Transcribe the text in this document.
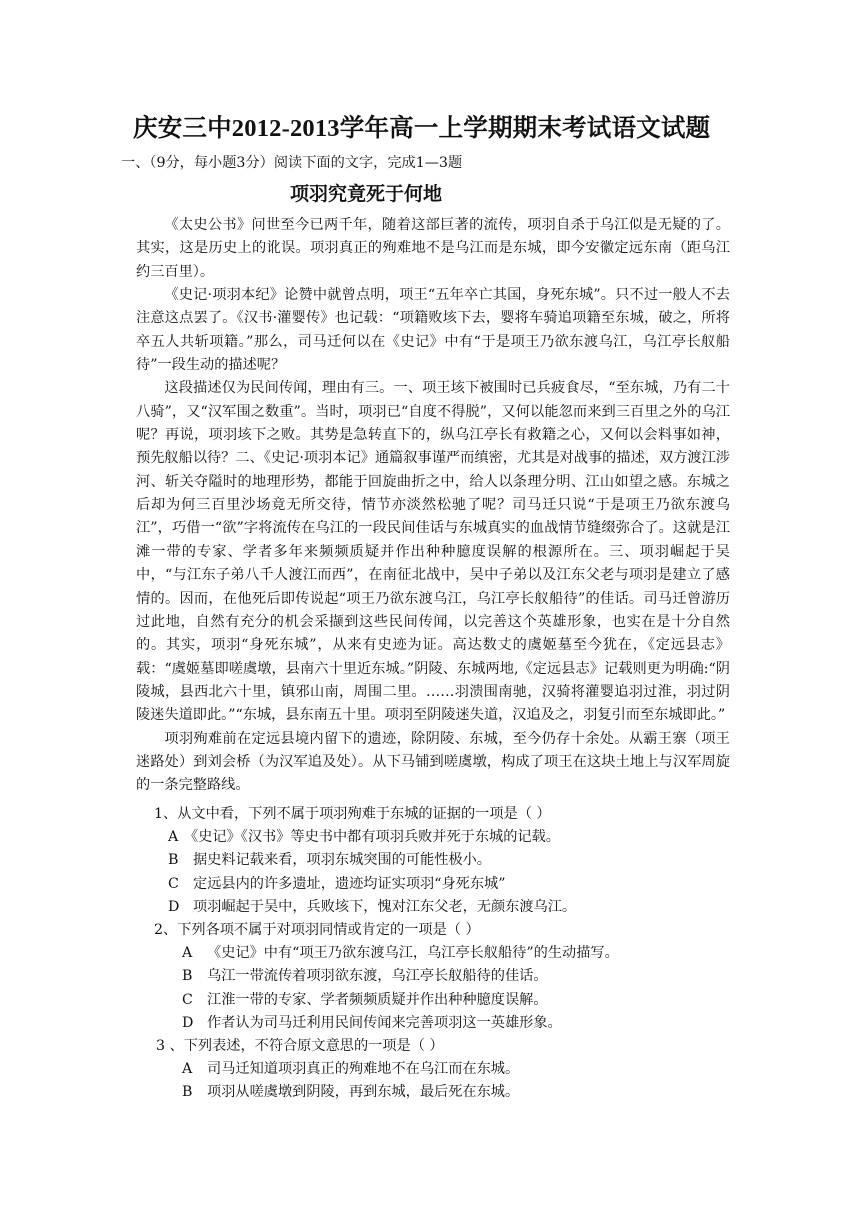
庆安三中2012-2013学年高一上学期期末考试语文试题
一、（9分，每小题3分）阅读下面的文字，完成1—3题
项羽究竟死于何地

《太史公书》问世至今已两千年，随着这部巨著的流传，项羽自杀于乌江似是无疑的了。其实，这是历史上的讹误。项羽真正的殉难地不是乌江而是东城，即今安徽定远东南（距乌江约三百里）。

《史记·项羽本纪》论赞中就曾点明，项王“五年卒亡其国，身死东城”。只不过一般人不去注意这点罢了。《汉书·灌婴传》也记载：“项籍败垓下去，婴将车骑追项籍至东城，破之，所将卒五人共斩项籍。”那么，司马迁何以在《史记》中有“于是项王乃欲东渡乌江，乌江亭长舣船待”一段生动的描述呢？

这段描述仅为民间传闻，理由有三。一、项王垓下被围时已兵疲食尽，“至东城，乃有二十八骑”，又“汉军围之数重”。当时，项羽已“自度不得脱”，又何以能忽而来到三百里之外的乌江呢？再说，项羽垓下之败。其势是急转直下的，纵乌江亭长有救籍之心，又何以会料事如神，预先舣船以待？二、《史记·项羽本记》通篇叙事谨严而缜密，尤其是对战事的描述，双方渡江涉河、斩关夺隘时的地理形势，都能于回旋曲折之中，给人以条理分明、江山如望之感。东城之后却为何三百里沙场竟无所交待，情节亦淡然松驰了呢？司马迁只说“于是项王乃欲东渡乌江”，巧借一“欲”字将流传在乌江的一段民间佳话与东城真实的血战情节缝缀弥合了。这就是江滩一带的专家、学者多年来频频质疑并作出种种臆度误解的根源所在。三、项羽崛起于吴中，“与江东子弟八千人渡江而西”，在南征北战中，吴中子弟以及江东父老与项羽是建立了感情的。因而，在他死后即传说起“项王乃欲东渡乌江，乌江亭长舣船待”的佳话。司马迁曾游历过此地，自然有充分的机会采撷到这些民间传闻，以完善这个英雄形象，也实在是十分自然的。其实，项羽“身死东城”，从来有史迹为证。高达数丈的虞姬墓至今犹在，《定远县志》载：“虞姬墓即嗟虞墩，县南六十里近东城。”阴陵、东城两地,《定远县志》记载则更为明确:“阴陵城，县西北六十里，镇邪山南，周围二里。……羽溃围南驰，汉骑将灌婴追羽过淮，羽过阴陵迷失道即此。”“东城，县东南五十里。项羽至阴陵迷失道，汉追及之，羽复引而至东城即此。”

项羽殉难前在定远县境内留下的遗迹，除阴陵、东城，至今仍存十余处。从霸王寨（项王迷路处）到刘会桥（为汉军追及处）。从下马铺到嗟虞墩，构成了项王在这块土地上与汉军周旋的一条完整路线。

1、从文中看，下列不属于项羽殉难于东城的证据的一项是（ ）
A 《史记》《汉书》等史书中都有项羽兵败并死于东城的记载。
B 据史料记载来看，项羽东城突围的可能性极小。
C 定远县内的许多遗址，遗迹均证实项羽“身死东城”
D 项羽崛起于吴中，兵败垓下，愧对江东父老，无颜东渡乌江。
2、下列各项不属于对项羽同情或肯定的一项是（ ）
A 《史记》中有“项王乃欲东渡乌江，乌江亭长舣船待”的生动描写。
B 乌江一带流传着项羽欲东渡，乌江亭长舣船待的佳话。
C 江淮一带的专家、学者频频质疑并作出种种臆度误解。
D 作者认为司马迁利用民间传闻来完善项羽这一英雄形象。
3 、下列表述，不符合原文意思的一项是（ ）
A 司马迁知道项羽真正的殉难地不在乌江而在东城。
B 项羽从嗟虞墩到阴陵，再到东城，最后死在东城。
